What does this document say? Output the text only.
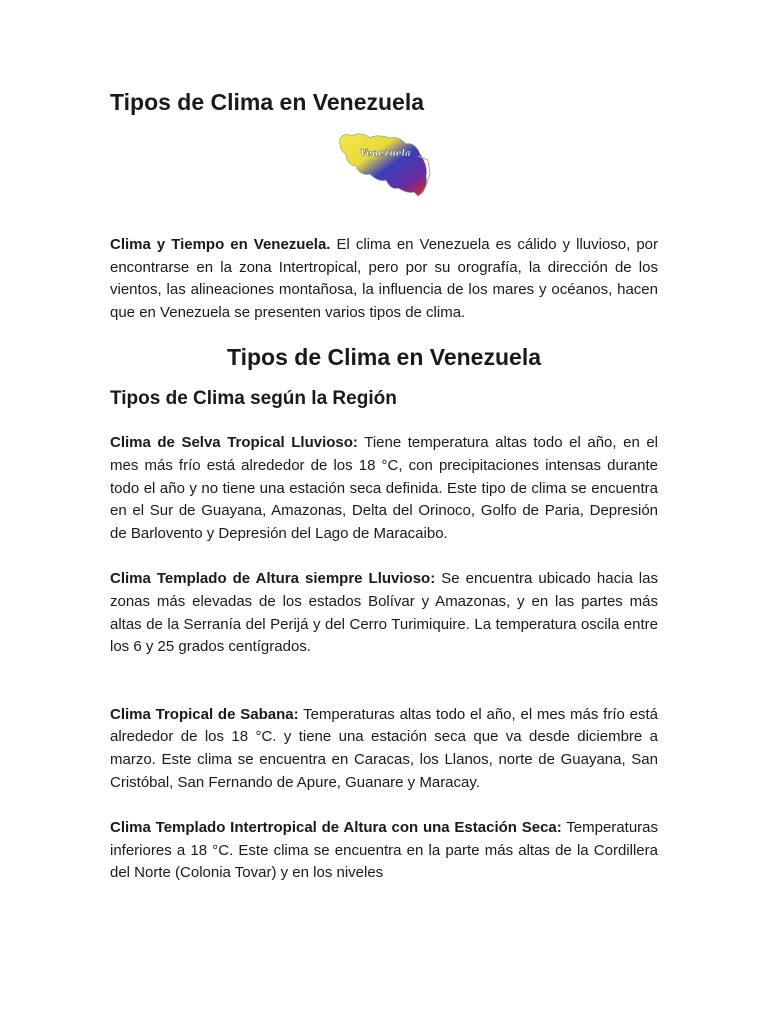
Tipos de Clima en Venezuela
Venezuela

Clima y Tiempo en Venezuela. El clima en Venezuela es cálido y lluvioso, por encontrarse en la zona Intertropical, pero por su orografía, la dirección de los vientos, las alineaciones montañosa, la influencia de los mares y océanos, hacen que en Venezuela se presenten varios tipos de clima.

Tipos de Clima en Venezuela
Tipos de Clima según la Región

Clima de Selva Tropical Lluvioso: Tiene temperatura altas todo el año, en el mes más frío está alrededor de los 18 °C, con precipitaciones intensas durante todo el año y no tiene una estación seca definida. Este tipo de clima se encuentra en el Sur de Guayana, Amazonas, Delta del Orinoco, Golfo de Paria, Depresión de Barlovento y Depresión del Lago de Maracaibo.

Clima Templado de Altura siempre Lluvioso: Se encuentra ubicado hacia las zonas más elevadas de los estados Bolívar y Amazonas, y en las partes más altas de la Serranía del Perijá y del Cerro Turimiquire. La temperatura oscila entre los 6 y 25 grados centígrados.

Clima Tropical de Sabana: Temperaturas altas todo el año, el mes más frío está alrededor de los 18 °C. y tiene una estación seca que va desde diciembre a marzo. Este clima se encuentra en Caracas, los Llanos, norte de Guayana, San Cristóbal, San Fernando de Apure, Guanare y Maracay.

Clima Templado Intertropical de Altura con una Estación Seca: Temperaturas inferiores a 18 °C. Este clima se encuentra en la parte más altas de la Cordillera del Norte (Colonia Tovar) y en los niveles
